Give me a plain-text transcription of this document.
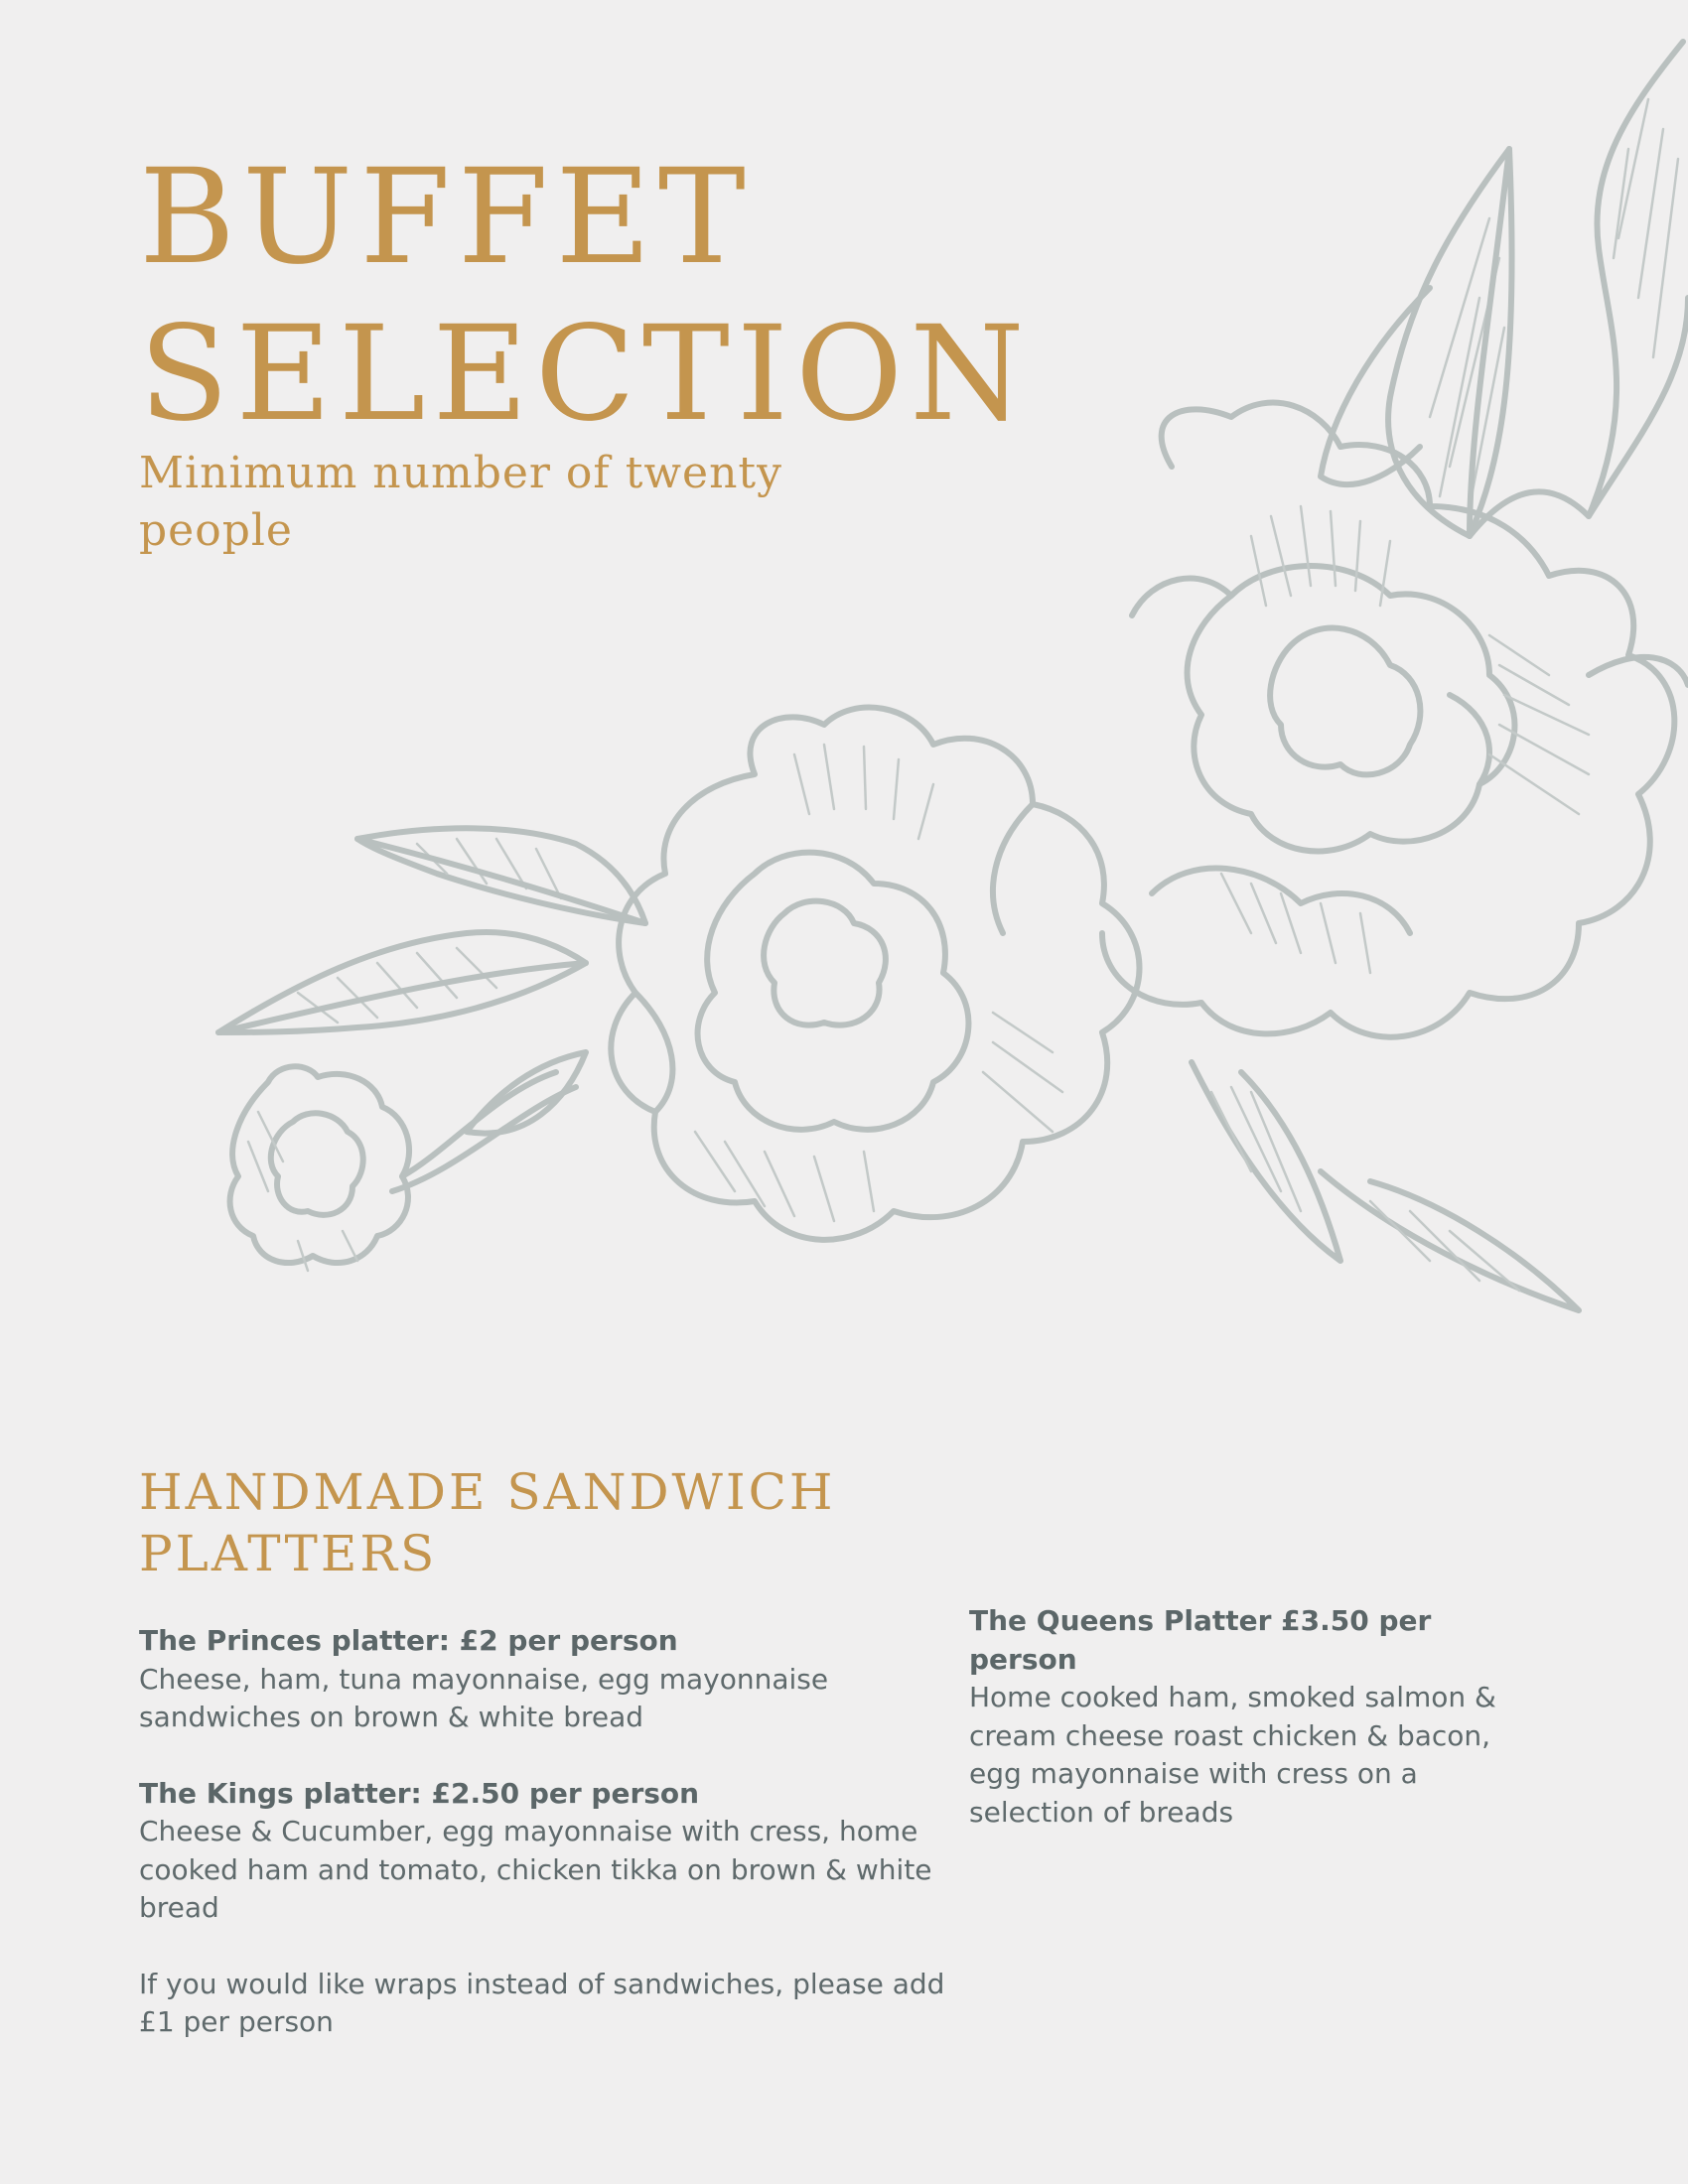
BUFFET
SELECTION

Minimum number of twenty people

HANDMADE SANDWICH PLATTERS
The Princes platter: £2 per person
Cheese, ham, tuna mayonnaise, egg mayonnaise sandwiches on brown & white bread
The Kings platter: £2.50 per person
Cheese & Cucumber, egg mayonnaise with cress, home cooked ham and tomato, chicken tikka on brown & white bread

If you would like wraps instead of sandwiches, please add £1 per person

The Queens Platter £3.50 per person
Home cooked ham, smoked salmon & cream cheese roast chicken & bacon, egg mayonnaise with cress on a selection of breads
